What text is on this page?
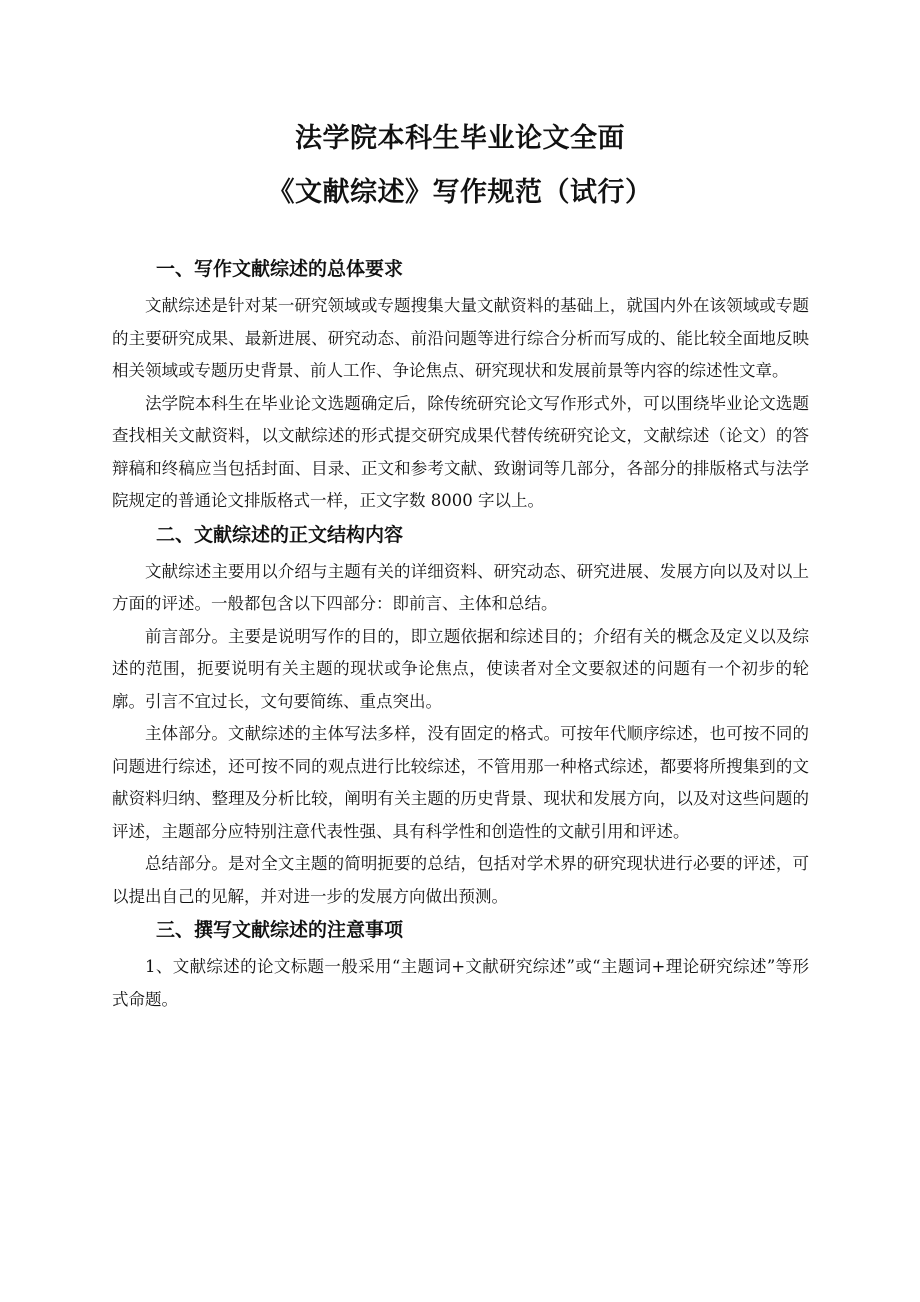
法学院本科生毕业论文全面
《文献综述》写作规范（试行）
一、写作文献综述的总体要求

文献综述是针对某一研究领域或专题搜集大量文献资料的基础上，就国内外在该领域或专题的主要研究成果、最新进展、研究动态、前沿问题等进行综合分析而写成的、能比较全面地反映相关领域或专题历史背景、前人工作、争论焦点、研究现状和发展前景等内容的综述性文章。

法学院本科生在毕业论文选题确定后，除传统研究论文写作形式外，可以围绕毕业论文选题查找相关文献资料，以文献综述的形式提交研究成果代替传统研究论文，文献综述（论文）的答辩稿和终稿应当包括封面、目录、正文和参考文献、致谢词等几部分，各部分的排版格式与法学院规定的普通论文排版格式一样，正文字数 8000 字以上。

二、文献综述的正文结构内容

文献综述主要用以介绍与主题有关的详细资料、研究动态、研究进展、发展方向以及对以上方面的评述。一般都包含以下四部分：即前言、主体和总结。

前言部分。主要是说明写作的目的，即立题依据和综述目的；介绍有关的概念及定义以及综述的范围，扼要说明有关主题的现状或争论焦点，使读者对全文要叙述的问题有一个初步的轮廓。引言不宜过长，文句要简练、重点突出。

主体部分。文献综述的主体写法多样，没有固定的格式。可按年代顺序综述，也可按不同的问题进行综述，还可按不同的观点进行比较综述，不管用那一种格式综述，都要将所搜集到的文献资料归纳、整理及分析比较，阐明有关主题的历史背景、现状和发展方向，以及对这些问题的评述，主题部分应特别注意代表性强、具有科学性和创造性的文献引用和评述。

总结部分。是对全文主题的简明扼要的总结，包括对学术界的研究现状进行必要的评述，可以提出自己的见解，并对进一步的发展方向做出预测。

三、撰写文献综述的注意事项

1、文献综述的论文标题一般采用“主题词+文献研究综述”或“主题词+理论研究综述”等形式命题。
